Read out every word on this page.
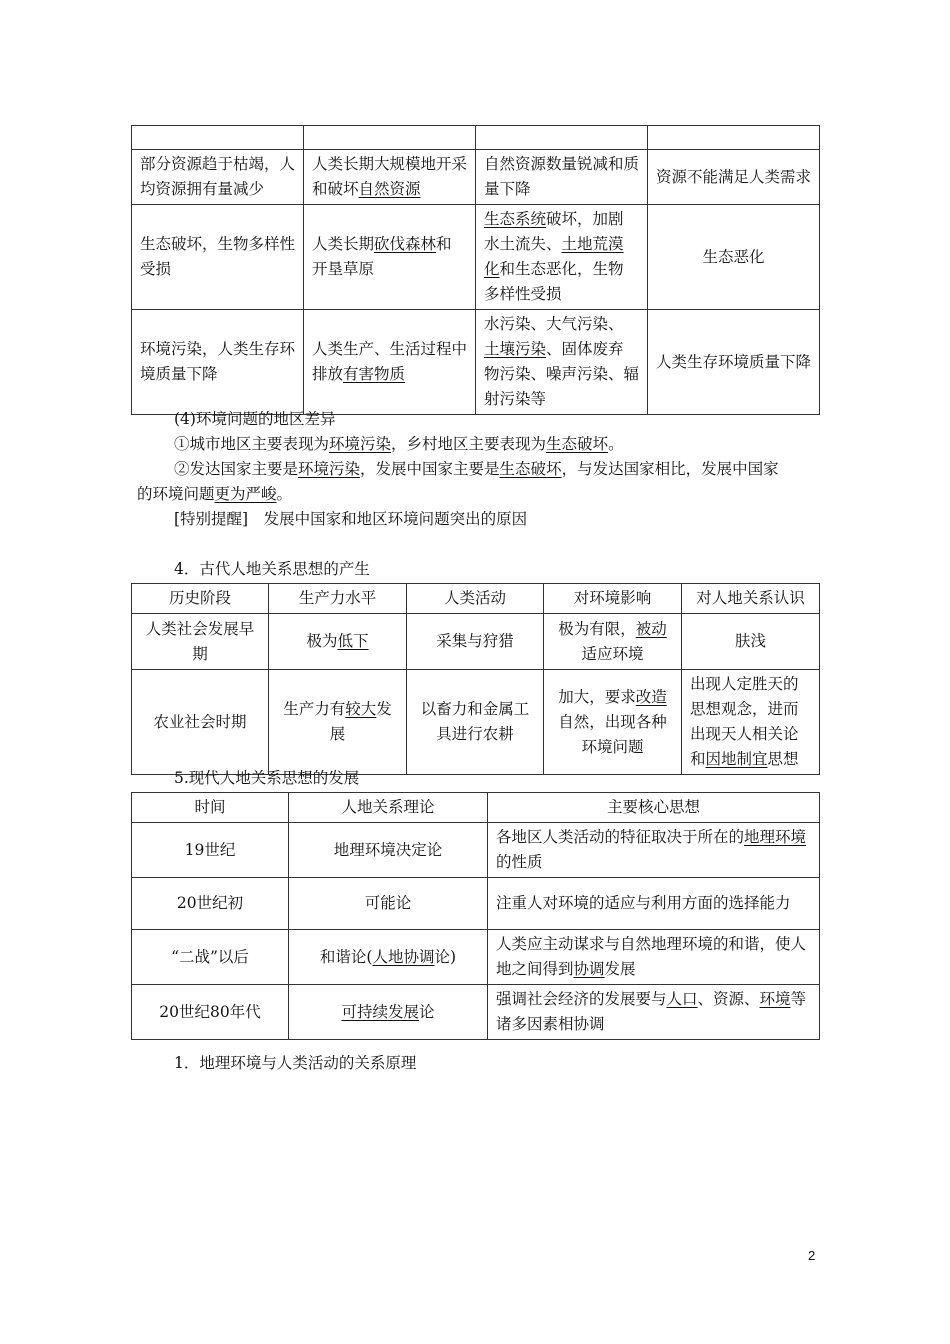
部分资源趋于枯竭，人均资源拥有量减少	人类长期大规模地开采和破坏自然资源	自然资源数量锐减和质量下降	资源不能满足人类需求
生态破坏，生物多样性受损	人类长期砍伐森林和开垦草原	生态系统破坏，加剧水土流失、土地荒漠化和生态恶化，生物多样性受损	生态恶化
环境污染，人类生存环境质量下降	人类生产、生活过程中排放有害物质	水污染、大气污染、土壤污染、固体废弃物污染、噪声污染、辐射污染等	人类生存环境质量下降
(4)环境问题的地区差异
①城市地区主要表现为环境污染，乡村地区主要表现为生态破坏。
②发达国家主要是环境污染，发展中国家主要是生态破坏，与发达国家相比，发展中国家
的环境问题更为严峻。
[特别提醒]　发展中国家和地区环境问题突出的原因
4．古代人地关系思想的产生
历史阶段	生产力水平	人类活动	对环境影响	对人地关系认识
人类社会发展早期	极为低下	采集与狩猎	极为有限，被动适应环境	肤浅
农业社会时期	生产力有较大发展	以畜力和金属工具进行农耕	加大，要求改造自然，出现各种环境问题	出现人定胜天的思想观念，进而出现天人相关论和因地制宜思想
5.现代人地关系思想的发展
时间	人地关系理论	主要核心思想
19世纪	地理环境决定论	各地区人类活动的特征取决于所在的地理环境的性质
20世纪初	可能论	注重人对环境的适应与利用方面的选择能力
“二战”以后	和谐论(人地协调论)	人类应主动谋求与自然地理环境的和谐，使人地之间得到协调发展
20世纪80年代	可持续发展论	强调社会经济的发展要与人口、资源、环境等诸多因素相协调
1．地理环境与人类活动的关系原理
2
